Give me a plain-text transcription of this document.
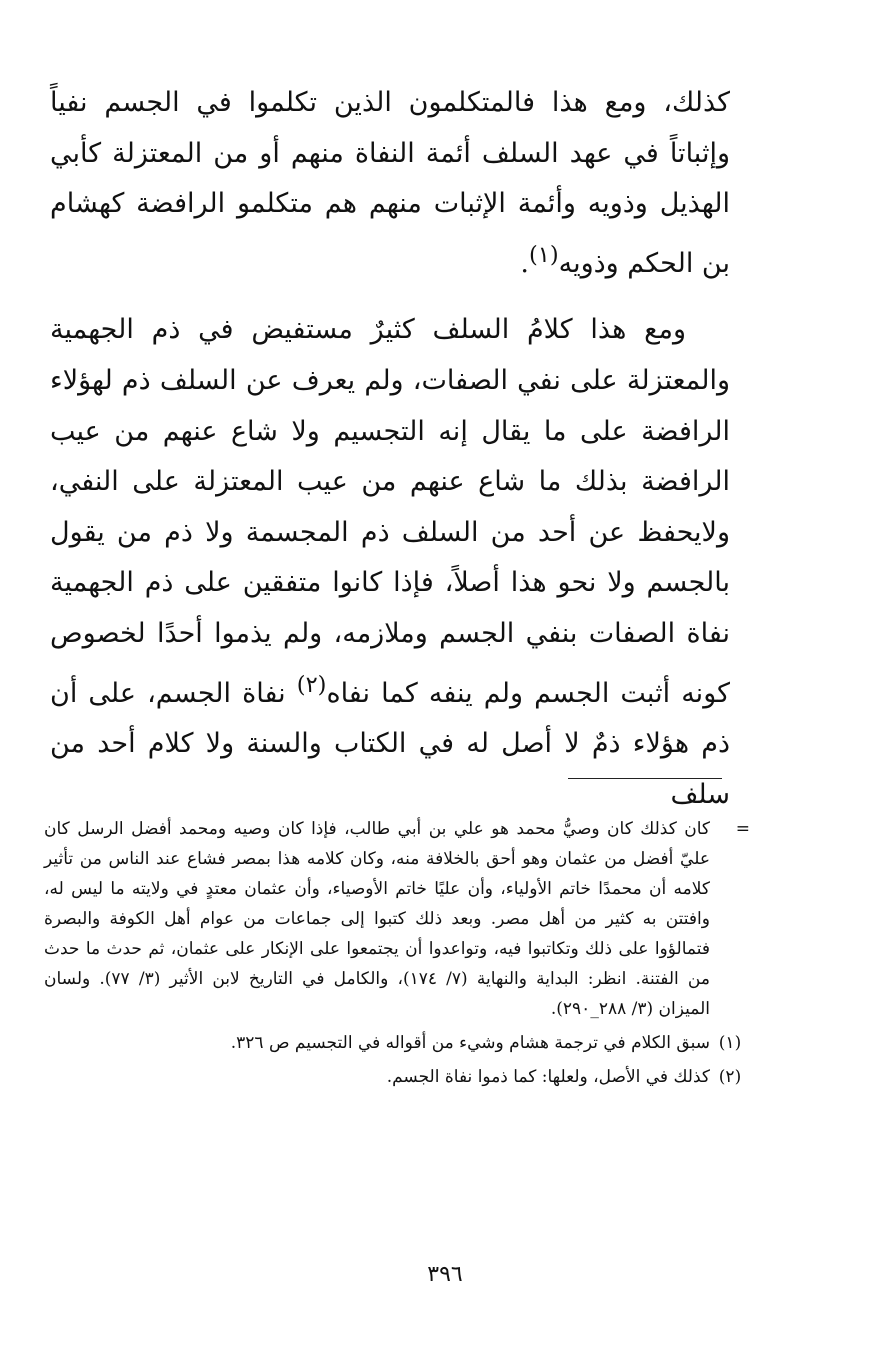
كذلك، ومع هذا فالمتكلمون الذين تكلموا في الجسم نفياً وإثباتاً في عهد السلف أئمة النفاة منهم أو من المعتزلة كأبي الهذيل وذويه وأئمة الإثبات منهم هم متكلمو الرافضة كهشام بن الحكم وذويه$^{(١)}$.

ومع هذا كلامُ السلف كثيرٌ مستفيض في ذم الجهمية والمعتزلة على نفي الصفات، ولم يعرف عن السلف ذم لهؤلاء الرافضة على ما يقال إنه التجسيم ولا شاع عنهم من عيب الرافضة بذلك ما شاع عنهم من عيب المعتزلة على النفي، ولايحفظ عن أحد من السلف ذم المجسمة ولا ذم من يقول بالجسم ولا نحو هذا أصلاً، فإذا كانوا متفقين على ذم الجهمية نفاة الصفات بنفي الجسم وملازمه، ولم يذموا أحدًا لخصوص كونه أثبت الجسم ولم ينفه كما نفاه$^{(٢)}$ نفاة الجسم، على أن ذم هؤلاء ذمٌ لا أصل له في الكتاب والسنة ولا كلام أحد من سلف

=
كان كذلك كان وصيُّ محمد هو علي بن أبي طالب، فإذا كان وصيه ومحمد أفضل الرسل كان عليّ أفضل من عثمان وهو أحق بالخلافة منه، وكان كلامه هذا بمصر فشاع عند الناس من تأثير كلامه أن محمدًا خاتم الأولياء، وأن عليًا خاتم الأوصياء، وأن عثمان معتدٍ في ولايته ما ليس له، وافتتن به كثير من أهل مصر. وبعد ذلك كتبوا إلى جماعات من عوام أهل الكوفة والبصرة فتمالؤوا على ذلك وتكاتبوا فيه، وتواعدوا أن يجتمعوا على الإنكار على عثمان، ثم حدث ما حدث من الفتنة. انظر: البداية والنهاية (٧/ ١٧٤)، والكامل في التاريخ لابن الأثير (٣/ ٧٧). ولسان الميزان (٣/ ٢٨٨_٢٩٠).

(١)
سبق الكلام في ترجمة هشام وشيء من أقواله في التجسيم ص ٣٢٦.
(٢)
كذلك في الأصل، ولعلها: كما ذموا نفاة الجسم.
٣٩٦
